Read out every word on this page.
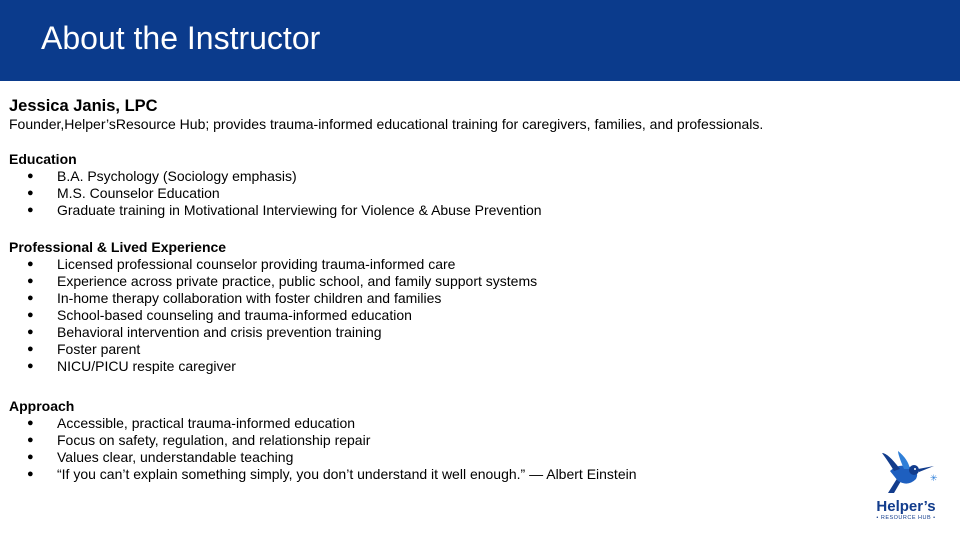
About the Instructor
Jessica Janis, LPC
Founder,Helper’sResource Hub; provides trauma-informed educational training for caregivers, families, and professionals.
Education
● B.A. Psychology (Sociology emphasis)
● M.S. Counselor Education
● Graduate training in Motivational Interviewing for Violence & Abuse Prevention
Professional & Lived Experience
● Licensed professional counselor providing trauma-informed care
● Experience across private practice, public school, and family support systems
● In-home therapy collaboration with foster children and families
● School-based counseling and trauma-informed education
● Behavioral intervention and crisis prevention training
● Foster parent
● NICU/PICU respite caregiver
Approach
● Accessible, practical trauma-informed education
● Focus on safety, regulation, and relationship repair
● Values clear, understandable teaching
● “If you can’t explain something simply, you don’t understand it well enough.” — Albert Einstein	✳
Helper’s
• RESOURCE HUB •
